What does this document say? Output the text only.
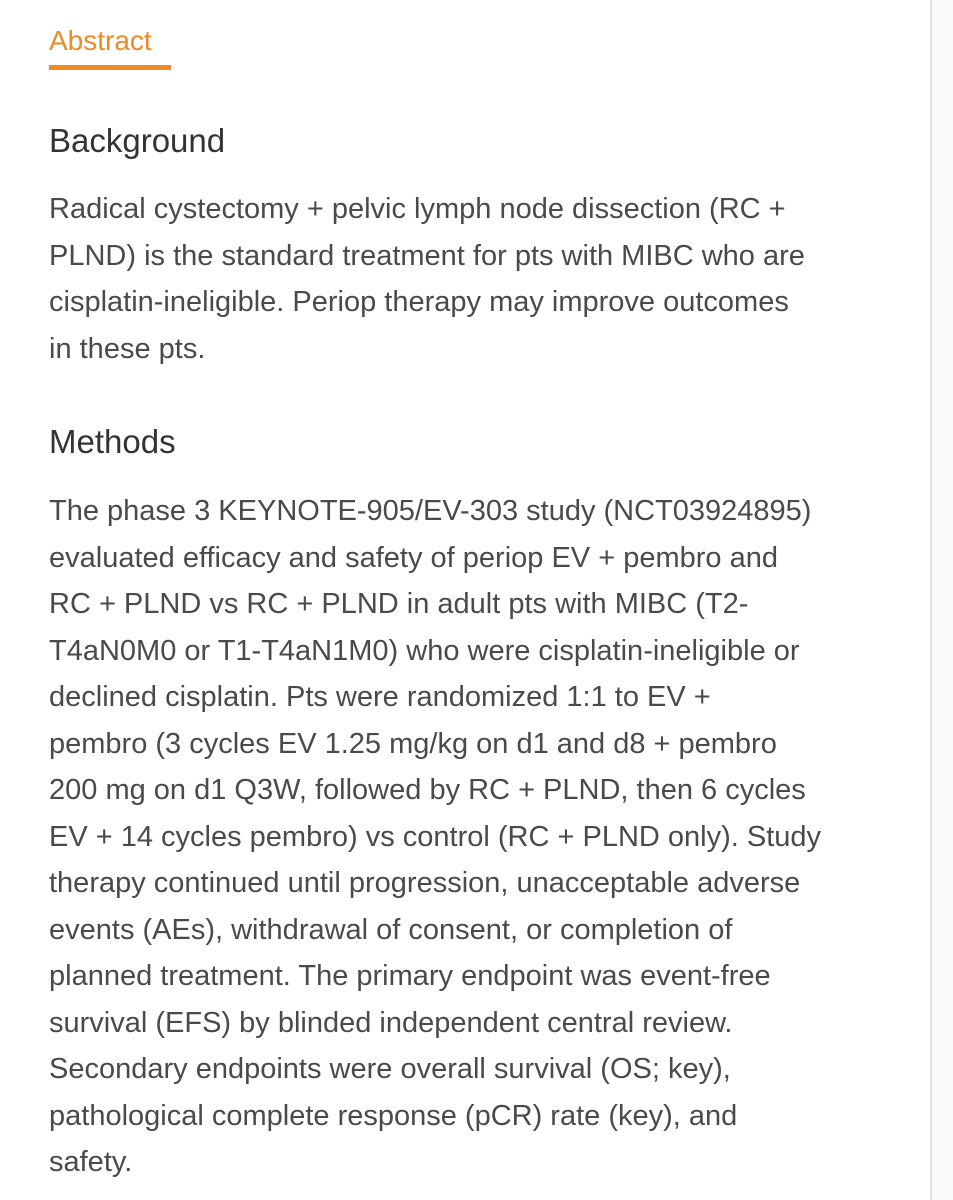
Abstract
Background

Radical cystectomy + pelvic lymph node dissection (RC +
PLND) is the standard treatment for pts with MIBC who are
cisplatin-ineligible. Periop therapy may improve outcomes
in these pts.

Methods

The phase 3 KEYNOTE-905/EV-303 study (NCT03924895)
evaluated efficacy and safety of periop EV + pembro and
RC + PLND vs RC + PLND in adult pts with MIBC (T2-
T4aN0M0 or T1-T4aN1M0) who were cisplatin-ineligible or
declined cisplatin. Pts were randomized 1:1 to EV +
pembro (3 cycles EV 1.25 mg/kg on d1 and d8 + pembro
200 mg on d1 Q3W, followed by RC + PLND, then 6 cycles
EV + 14 cycles pembro) vs control (RC + PLND only). Study
therapy continued until progression, unacceptable adverse
events (AEs), withdrawal of consent, or completion of
planned treatment. The primary endpoint was event-free
survival (EFS) by blinded independent central review.
Secondary endpoints were overall survival (OS; key),
pathological complete response (pCR) rate (key), and
safety.
